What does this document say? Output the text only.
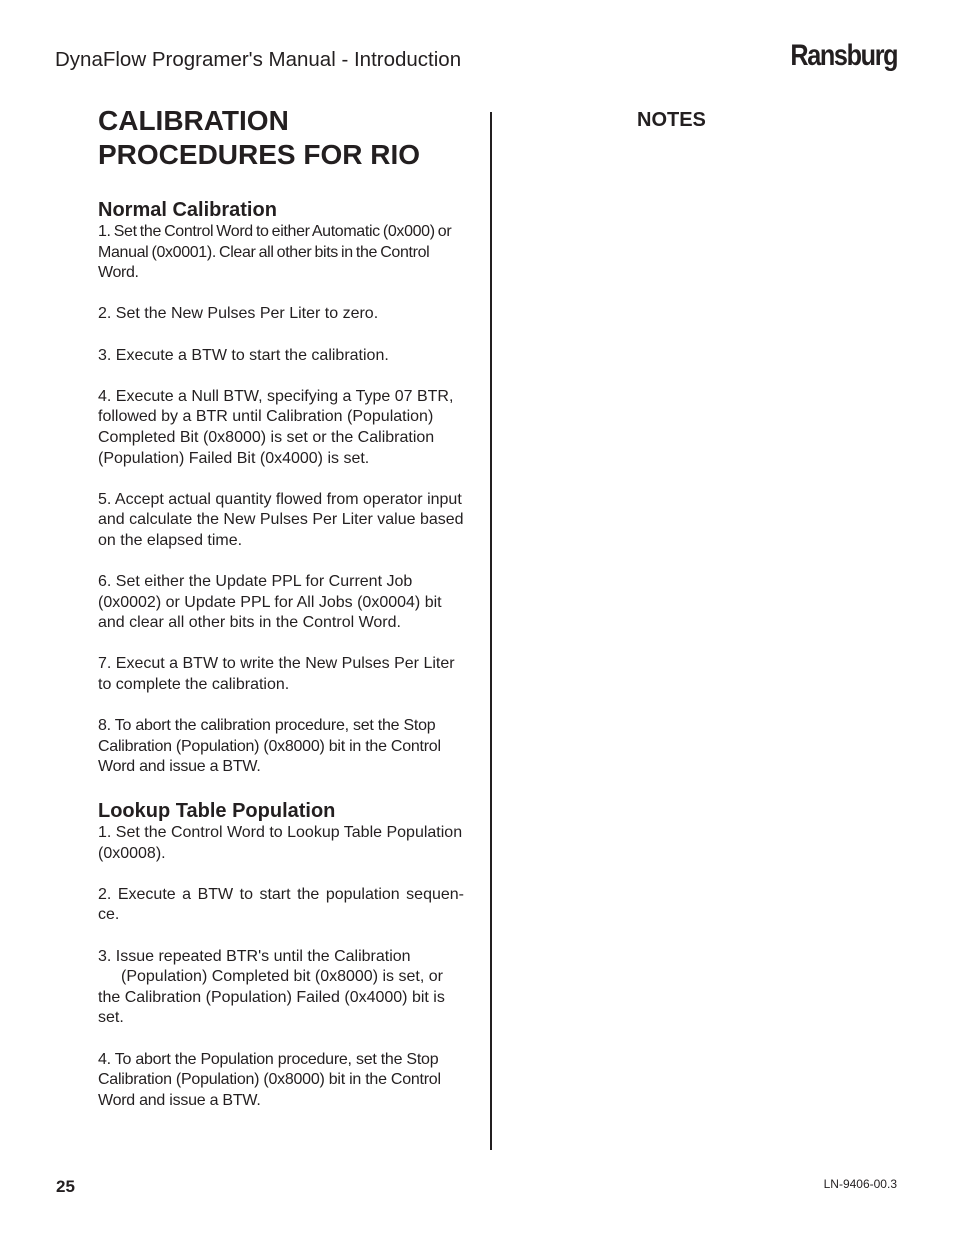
DynaFlow Programer's Manual - Introduction	Ransburg
CALIBRATION
PROCEDURES FOR RIO
Normal Calibration

1. Set the Control Word to either Automatic (0x000) or Manual (0x0001). Clear all other bits in the Control Word.

2. Set the New Pulses Per Liter to zero.

3. Execute a BTW to start the calibration.

4. Execute a Null BTW, specifying a Type 07 BTR, followed by a BTR until Calibration (Population) Completed Bit (0x8000) is set or the Calibration (Population) Failed Bit (0x4000) is set.

5. Accept actual quantity flowed from operator input and calculate the New Pulses Per Liter value based on the elapsed time.

6. Set either the Update PPL for Current Job (0x0002) or Update PPL for All Jobs (0x0004) bit and clear all other bits in the Control Word.

7. Execut a BTW to write the New Pulses Per Liter to complete the calibration.

8. To abort the calibration procedure, set the Stop Calibration (Population) (0x8000) bit in the Control Word and issue a BTW.

Lookup Table Population

1. Set the Control Word to Lookup Table Population (0x0008).

2. Execute a BTW to start the population sequen- ce.

3. Issue repeated BTR's until the Calibration

(Population) Completed bit (0x8000) is set, or the Calibration (Population) Failed (0x4000) bit is set.

4. To abort the Population procedure, set the Stop Calibration (Population) (0x8000) bit in the Control Word and issue a BTW.

NOTES
25	LN-9406-00.3
